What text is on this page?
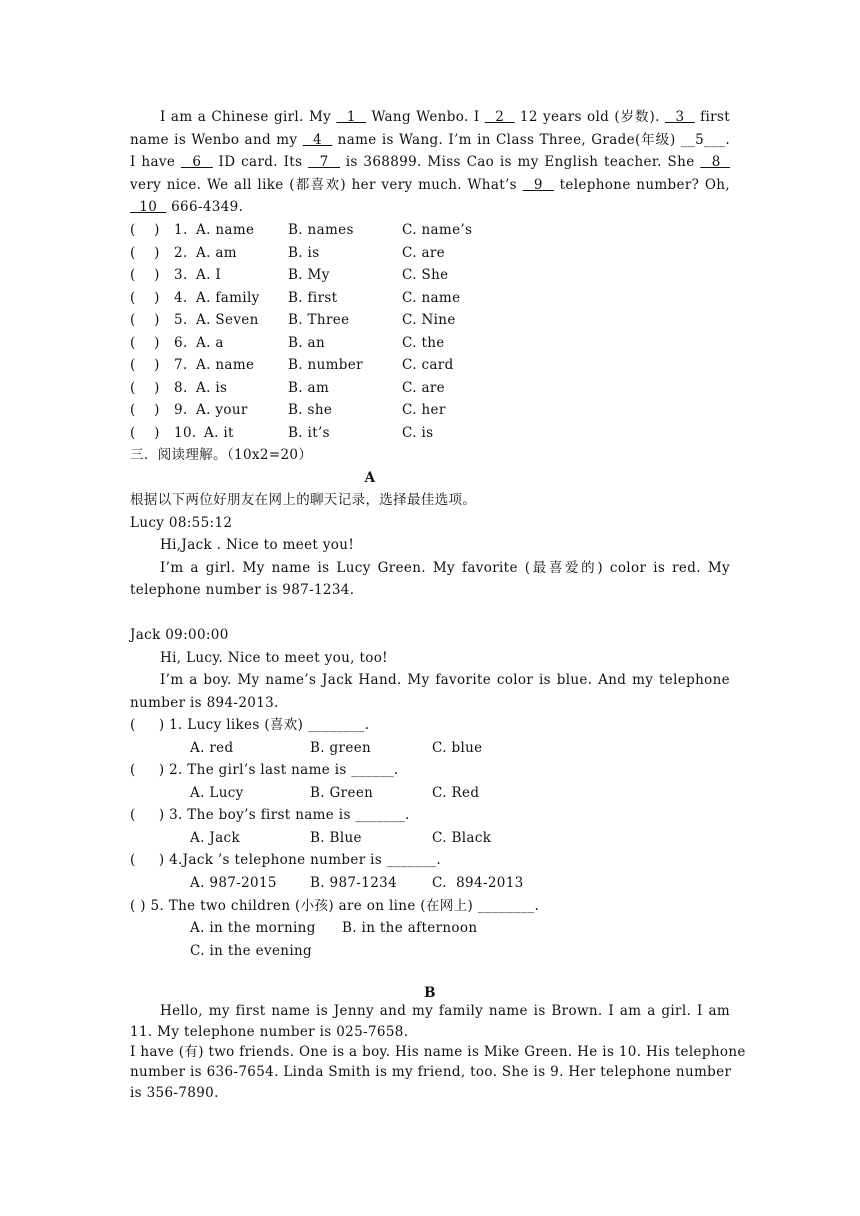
I am a Chinese girl. My   1   Wang Wenbo. I   2   12 years old (岁数).   3   first
name is Wenbo and my   4   name is Wang. I’m in Class Three, Grade(年级) __5___.
I have   6   ID card. Its   7   is 368899. Miss Cao is my English teacher. She   8
very nice. We all like (都喜欢) her very much. What’s   9   telephone number? Oh,
10   666-4349.
(    ) 1. A. name B. names	C. name’s
(    ) 2. A. am	B. is	C. are
(    ) 3. A. I	B. My	C. She
(    ) 4. A. family B. first	C. name
(    ) 5. A. Seven B. Three	C. Nine
(    ) 6. A. a	B. an	C. the
(    ) 7. A. name B. number	C. card
(    ) 8. A. is	B. am	C. are
(    ) 9. A. your	B. she	C. her
(    ) 10. A. it	B. it’s	C. is
三．阅读理解。（10x2=20）
A
根据以下两位好朋友在网上的聊天记录，选择最佳选项。
Lucy 08:55:12
Hi,Jack . Nice to meet you!
I’m a girl. My name is Lucy Green. My favorite (最喜爱的) color is red. My
telephone number is 987-1234.
Jack 09:00:00
Hi, Lucy. Nice to meet you, too!
I’m a boy. My name’s Jack Hand. My favorite color is blue. And my telephone
number is 894-2013.
(     ) 1. Lucy likes (喜欢) ________.
A. red	B. green	C. blue
(     ) 2. The girl’s last name is ______.
A. Lucy	B. Green	C. Red
(     ) 3. The boy’s first name is _______.
A. Jack	B. Blue	C. Black
(     ) 4.Jack ’s telephone number is _______.
A. 987-2015 B. 987-1234	C.  894-2013
( ) 5. The two children (小孩) are on line (在网上) ________.
A. in the morning B. in the afternoon
C. in the evening
B
Hello, my first name is Jenny and my family name is Brown. I am a girl. I am
11. My telephone number is 025-7658.
I have (有) two friends. One is a boy. His name is Mike Green. He is 10. His telephone
number is 636-7654. Linda Smith is my friend, too. She is 9. Her telephone number
is 356-7890.
